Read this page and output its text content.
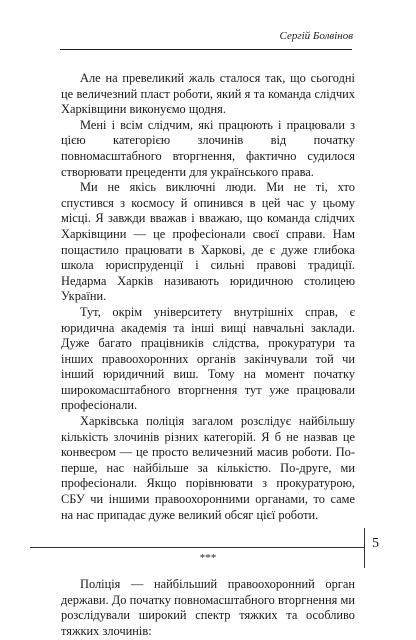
Сергій Болвінов

Але на превеликий жаль сталося так, що сьогодні це величезний пласт роботи, який я та команда слідчих Харківщини виконуємо щодня.

Мені і всім слідчим, які працюють і працювали з цією категорією злочинів від початку повномасштабного вторгнення, фактично судилося створювати прецеденти для українського права.

Ми не якісь виключні люди. Ми не ті, хто спустився з космосу й опинився в цей час у цьому місці. Я завжди вважав і вважаю, що команда слідчих Харківщини — це професіонали своєї справи. Нам пощастило працювати в Харкові, де є дуже глибока школа юриспруденції і сильні правові традиції. Недарма Харків називають юридичною столицею України.

Тут, окрім університету внутрішніх справ, є юридична академія та інші вищі навчальні заклади. Дуже багато працівників слідства, прокуратури та інших правоохоронних органів закінчували той чи інший юридичний виш. Тому на момент початку широкомасштабного вторгнення тут уже працювали професіонали.

Харківська поліція загалом розслідує найбільшу кількість злочинів різних категорій. Я б не назвав це конвеєром — це просто величезний масив роботи. По-перше, нас найбільше за кількістю. По-друге, ми професіонали. Якщо порівнювати з прокуратурою, СБУ чи іншими правоохоронними органами, то саме на нас припадає дуже великий обсяг цієї роботи.

***

Поліція — найбільший правоохоронний орган держави. До початку повномасштабного вторгнення ми розслідували широкий спектр тяжких та особливо тяжких злочинів:

5
